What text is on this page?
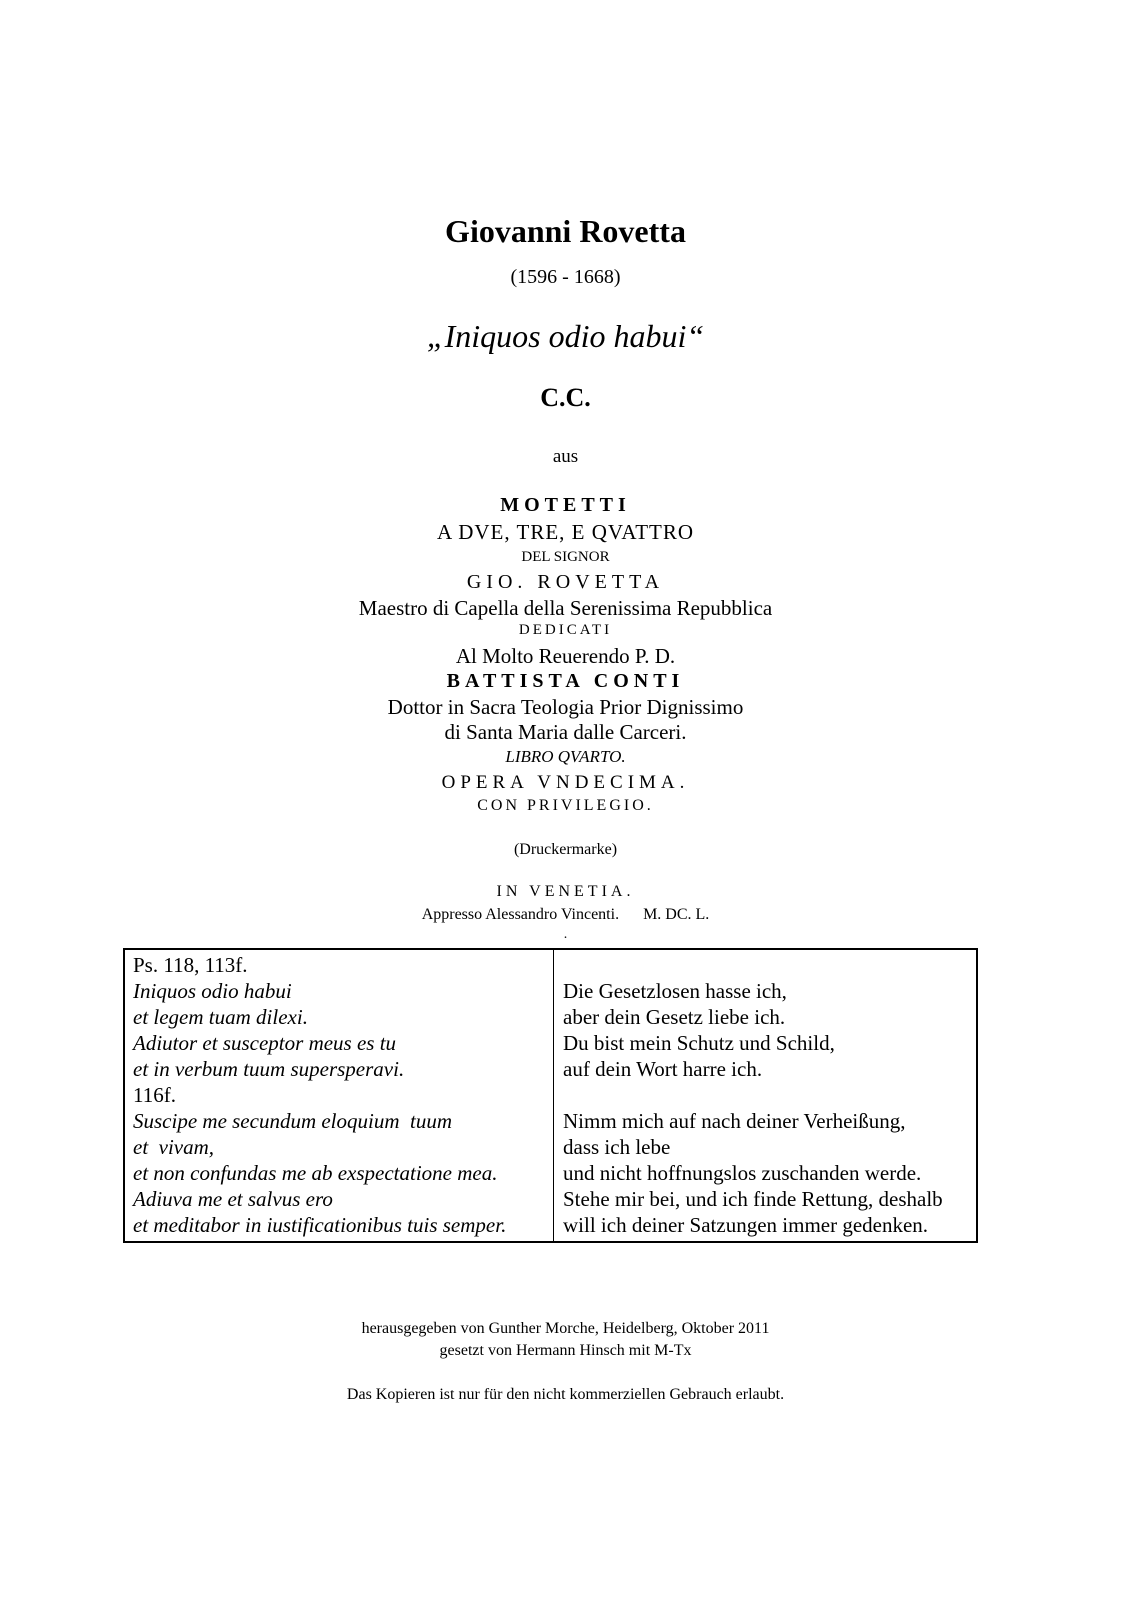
Giovanni Rovetta
(1596 - 1668)
„Iniquos odio habui“
C.C.
aus
MOTETTI
A DVE, TRE, E QVATTRO
DEL SIGNOR
GIO. ROVETTA
Maestro di Capella della Serenissima Repubblica
DEDICATI
Al Molto Reuerendo P. D.
BATTISTA CONTI
Dottor in Sacra Teologia Prior Dignissimo
di Santa Maria dalle Carceri.
LIBRO QVARTO.
OPERA VNDECIMA.
CON PRIVILEGIO.
(Druckermarke)
IN VENETIA.
Appresso Alessandro Vincenti.      M. DC. L.
.
Ps. 118, 113f.
Iniquos odio habui
et legem tuam dilexi.
Adiutor et susceptor meus es tu
et in verbum tuum supersperavi.
116f.
Suscipe me secundum eloquium  tuum
et  vivam,
et non confundas me ab exspectatione mea.
Adiuva me et salvus ero
et meditabor in iustificationibus tuis semper.
Die Gesetzlosen hasse ich,
aber dein Gesetz liebe ich.
Du bist mein Schutz und Schild,
auf dein Wort harre ich.
Nimm mich auf nach deiner Verheißung,
dass ich lebe
und nicht hoffnungslos zuschanden werde.
Stehe mir bei, und ich finde Rettung, deshalb
will ich deiner Satzungen immer gedenken.
herausgegeben von Gunther Morche, Heidelberg, Oktober 2011
gesetzt von Hermann Hinsch mit M-Tx
Das Kopieren ist nur für den nicht kommerziellen Gebrauch erlaubt.
